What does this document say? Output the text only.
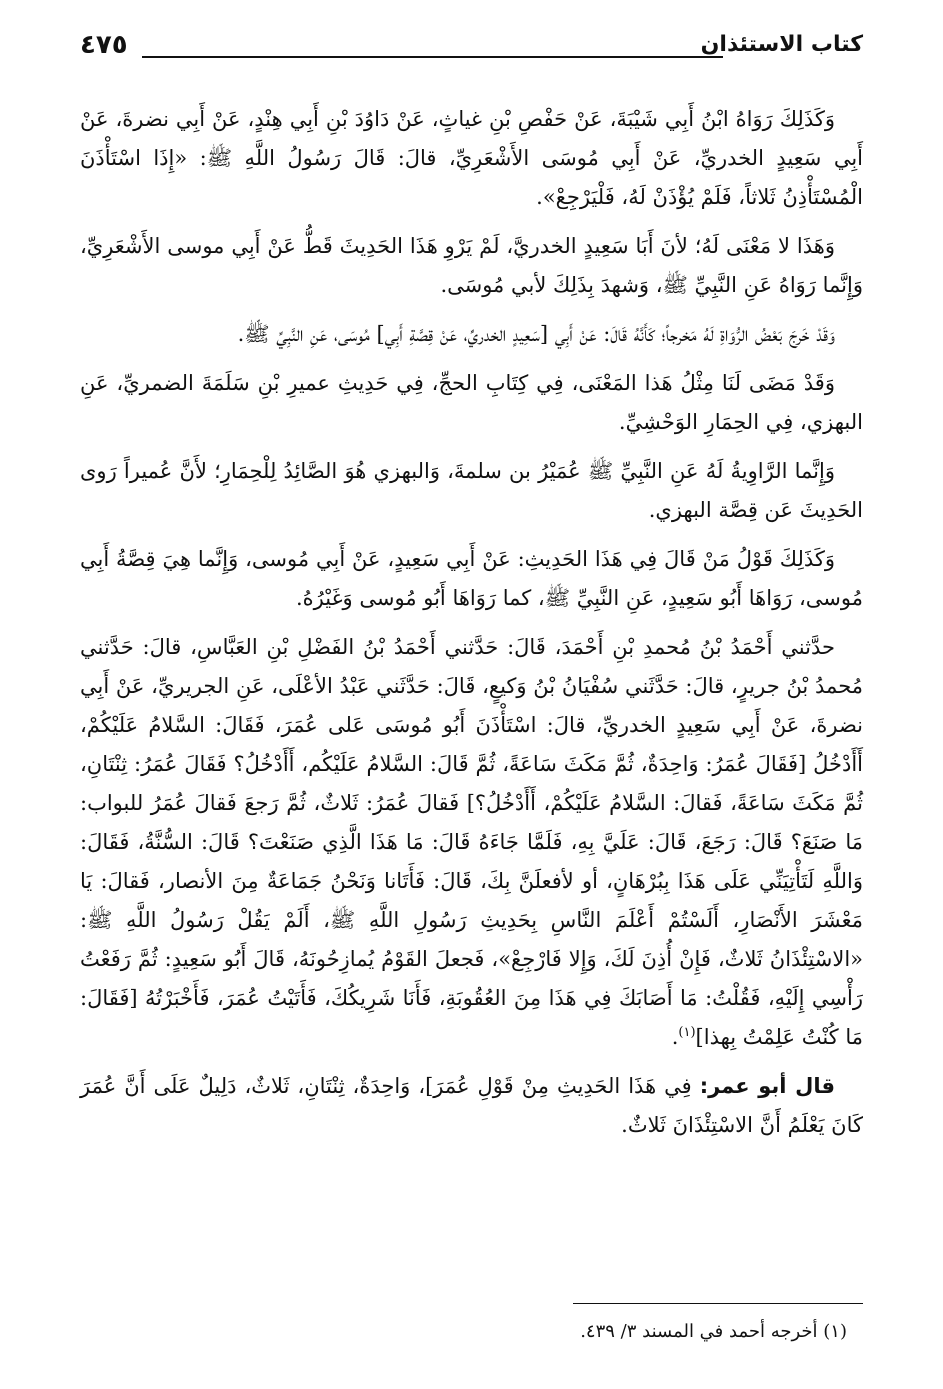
كتاب الاستئذان
٤٧٥

وَكَذَلِكَ رَوَاهُ ابْنُ أَبِي شَيْبَةَ، عَنْ حَفْصِ بْنِ غياثٍ، عَنْ دَاوُدَ بْنِ أَبِي هِنْدٍ، عَنْ أَبِي نضرةَ، عَنْ أَبِي سَعِيدٍ الخدريِّ، عَنْ أَبِي مُوسَى الأَشْعَرِيِّ، قالَ: قَالَ رَسُولُ اللَّهِ ﷺ: «إِذَا اسْتَأْذَنَ الْمُسْتَأْذِنُ ثَلاثاً، فَلَمْ يُؤْذَنْ لَهُ، فَلْيَرْجِعْ».

وَهَذَا لا مَعْنَى لَهُ؛ لأنَ أَبَا سَعِيدٍ الخدريَّ، لَمْ يَرْوِ هَذَا الحَدِيثَ قَطُّ عَنْ أَبِي موسى الأَشْعَرِيِّ، وَإِنَّما رَوَاهُ عَنِ النَّبِيِّ ﷺ، وَشهدَ بِذَلِكَ لأبي مُوسَى.

وَقَدْ خَرجَ بَعْضُ الرُّوَاةِ لَهُ مَخرجاً؛ كَأَنَّهُ قَالَ: عَنْ أَبِي [سَعِيدٍ الخدريِّ، عَنْ قِصَّةِ أَبِي] مُوسَى، عَنِ النَّبِيِّ ﷺ.

وَقَدْ مَضَى لَنَا مِثْلُ هَذا المَعْنَى، فِي كِتَابِ الحجِّ، فِي حَدِيثِ عميرِ بْنِ سَلَمَةَ الضمريِّ، عَنِ البهزي، فِي الحِمَارِ الوَحْشِيِّ.

وَإِنَّما الرَّاوِيةُ لَهُ عَنِ النَّبِيِّ ﷺ عُمَيْرُ بن سلمةَ، وَالبهزي هُوَ الصَّائِدُ لِلْحِمَارِ؛ لأَنَّ عُميراً رَوى الحَدِيثَ عَن قِصَّة البهزي.

وَكَذَلِكَ قَوْلُ مَنْ قَالَ فِي هَذَا الحَدِيثِ: عَنْ أَبِي سَعِيدٍ، عَنْ أَبِي مُوسى، وَإِنَّما هِيَ قِصَّةُ أَبِي مُوسى، رَوَاهَا أَبُو سَعِيدٍ، عَنِ النَّبِيِّ ﷺ، كما رَوَاهَا أَبُو مُوسى وَغَيْرُهُ.

حدَّثني أَحْمَدُ بْنُ مُحمدِ بْنِ أَحْمَدَ، قَالَ: حَدَّثني أَحْمَدُ بْنُ الفَضْلِ بْنِ العَبَّاسِ، قالَ: حَدَّثني مُحمدُ بْنُ جريرٍ، قالَ: حَدَّثَني سُفْيَانُ بْنُ وَكيعٍ، قَالَ: حَدَّثَني عَبْدُ الأعْلَى، عَنِ الجريريِّ، عَنْ أَبِي نضرةَ، عَنْ أَبِي سَعِيدٍ الخدريِّ، قالَ: اسْتَأْذَنَ أَبُو مُوسَى عَلى عُمَرَ، فَقَالَ: السَّلامُ عَلَيْكُمْ، أَأَدْخُلُ [فَقَالَ عُمَرُ: وَاحِدَةٌ، ثُمَّ مَكَثَ سَاعَةً، ثُمَّ قَالَ: السَّلامُ عَلَيْكُم، أَأَدْخُلُ؟ فَقَالَ عُمَرُ: ثِنْتَانِ، ثُمَّ مَكَثَ سَاعَةً، فَقالَ: السَّلامُ عَلَيْكُمْ، أَأَدْخُلُ؟] فَقالَ عُمَرُ: ثَلاثٌ، ثُمَّ رَجعَ فَقالَ عُمَرُ للبواب: مَا صَنَعَ؟ قَالَ: رَجَعَ، قَالَ: عَلَيَّ بِهِ، فَلَمَّا جَاءَهُ قَالَ: مَا هَذَا الَّذِي صَنَعْتَ؟ قَالَ: السُّنَّةُ، فَقَالَ: وَاللَّهِ لَتَأْتِيَنِّي عَلَى هَذَا بِبُرْهَانٍ، أو لأفعلَنَّ بِكَ، قَالَ: فَأَتَانا وَنَحْنُ جَمَاعَةٌ مِنَ الأنصار، فَقالَ: يَا مَعْشَرَ الأَنْصَارِ، أَلَسْتُمْ أَعْلَمَ النَّاسِ بِحَدِيثِ رَسُولِ اللَّهِ ﷺ، أَلَمْ يَقُلْ رَسُولُ اللَّهِ ﷺ: «الاسْتِئْذَانُ ثَلاثٌ، فَإِنْ أُذِنَ لَكَ، وَإِلا فَارْجِعْ»، فَجعلَ القَوْمُ يُمازِحُونَهُ، قَالَ أَبُو سَعِيدٍ: ثُمَّ رَفَعْتُ رَأْسِي إِلَيْهِ، فَقُلْتُ: مَا أَصَابَكَ فِي هَذَا مِنَ العُقُوبَةِ، فَأَنَا شَرِيكُكَ، فَأَتَيْتُ عُمَرَ، فَأَخْبَرْتُهُ [فَقَالَ: مَا كُنْتُ عَلِمْتُ بِهذا]$^{(١)}$.

قال أبو عمر: فِي هَذَا الحَدِيثِ مِنْ قَوْلِ عُمَرَ]، وَاحِدَةٌ، ثِنْتَانِ، ثَلاثٌ، دَلِيلٌ عَلَى أَنَّ عُمَرَ كَانَ يَعْلَمُ أَنَّ الاسْتِئْذَانَ ثَلاثٌ.

(١) أخرجه أحمد في المسند ٣/ ٤٣٩.
